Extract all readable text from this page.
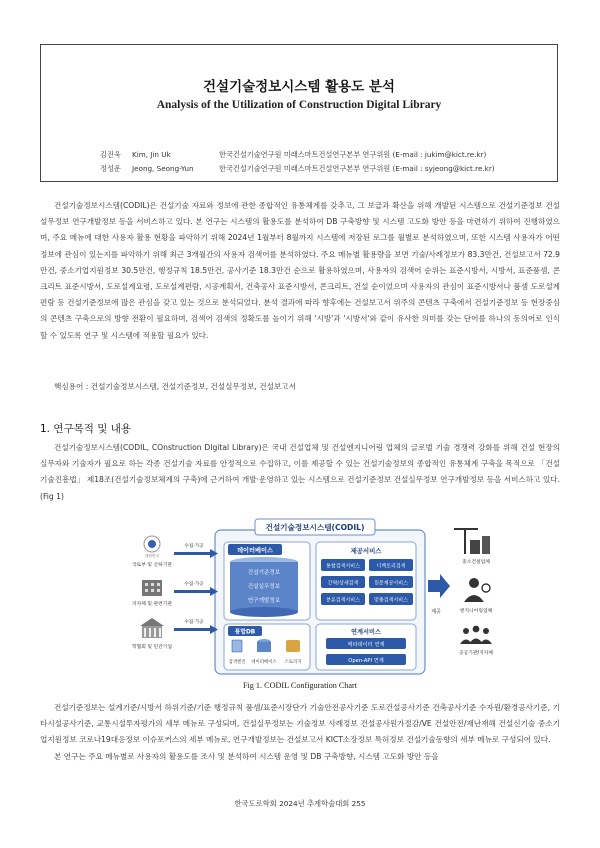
건설기술정보시스템 활용도 분석
Analysis of the Utilization of Construction Digital Library
김진욱 Kim, Jin Uk	한국건설기술연구원 미래스마트건설연구본부 연구위원 (E-mail : jukim@kict.re.kr)
정성운 Jeong, Seong-Yun	한국건설기술연구원 미래스마트건설연구본부 연구위원 (E-mail : syjeong@kict.re.kr)
건설기술정보시스템(CODIL)은 건설기술 자료와 정보에 관한 종합적인 유통체계를 갖추고, 그 보급과 확산을 위해 개발된 시스템으로 건설기준정보 건설설무정보 연구개발정보 등을 서비스하고 있다. 본 연구는 시스템의 활용도를 분석하여 DB 구축방향 및 시스템 고도화 방안 등을 마련하기 위하여 진행하였으며, 주요 메뉴에 대한 사용자 활용 현황을 파악하기 위해 2024년 1월부터 8월까지 시스템에 저장된 로그를 월별로 분석하였으며, 또한 시스템 사용자가 어떤 정보에 관심이 있는지를 파악하기 위해 최근 3개월간의 사용자 검색어를 분석하였다. 주요 메뉴별 활용량을 보면 기술/사례정보가 83.3만건, 건설보고서 72.9만건, 중소기업지원정보 30.5만건, 행정규칙 18.5만건, 공사기준 18.3만건 순으로 활용하였으며, 사용자의 검색어 순위는 표준시방서, 시방서, 표준품셈, 콘크리트 표준시방서, 도로설계요령, 도로설계편람, 시공계획서, 건축공사 표준시방서, 콘크리트, 건설 순이었으며 사용자의 관심이 표준시방서나 품셈 도로설계편람 등 건설기준정보에 많은 관심을 갖고 있는 것으로 분석되었다. 분석 결과에 따라 향후에는 건설보고서 위주의 콘텐츠 구축에서 건설기준정보 등 현장중심의 콘텐츠 구축으로의 방향 전환이 필요하며, 검색어 검색의 정확도를 높이기 위해 '시방'과 '시방서'와 같이 유사한 의미를 갖는 단어를 하나의 동의어로 인식할 수 있도록 연구 및 시스템에 적용할 필요가 있다.
핵심용어 : 건설기술정보시스템, 건설기준정보, 건설실무정보, 건설보고서
1. 연구목적 및 내용
건설기술정보시스템(CODIL, COnstruction DIgital Library)은 국내 건설업체 및 건설엔지니어링 업체의 글로벌 기술 경쟁력 강화를 위해 건설 현장의 실무자와 기술자가 필요로 하는 각종 건설기술 자료를 안정적으로 수집하고, 이를 제공할 수 있는 건설기술정보의 종합적인 유통체계 구축을 목적으로 「건설기술진흥법」 제18조(건설기술정보체계의 구축)에 근거하여 개발·운영하고 있는 시스템으로 건설기준정보 건설실무정보 연구개발정보 등을 서비스하고 있다.(Fig 1)
건설기술정보시스템(CODIL)
데이터베이스
건설기준정보
건설실무정보
연구개발정보
제공서비스
통합검색서비스	디렉토리검색
간략/상세검색	원문제공서비스
분류검색서비스	맞춤검색서비스
통합DB
검색엔진 데이터베이스 스토리지
연계서비스
메타데이터 연계
Open-API 연계
대한민국
국토부 및 산하기관
수집·가공
지자체 및 관련기관
수집·가공
학협회 및 민간기업
수집·가공
제공
중소건설업체
엔지니어링업체
공공기관/지자체
Fig 1. CODIL Configuration Chart
건설기준정보는 설계기준/시방서 하위기준/기준 행정규칙 품셈/표준시장단가 기술안전공사기준 도로건설공사기준 건축공사기준 수자원/환경공사기준, 기타시설공사기준, 교통시설투자평가의 세부 메뉴로 구성되며, 건설실무정보는 기술정보 사례정보 건설공사원가절감/VE 건설안전/재난재해 건설신기술 중소기업지원정보 코로나19대응정보 이슈포커스의 세부 메뉴로, 연구개발정보는 건설보고서 KICT소장정보 특허정보 건설기술동향의 세부 메뉴로 구성되어 있다.
본 연구는 주요 메뉴별로 사용자의 활용도를 조사 및 분석하여 시스템 운영 및 DB 구축방향, 시스템 고도화 방안 등을
한국도로학회 2024년 추계학술대회 255
